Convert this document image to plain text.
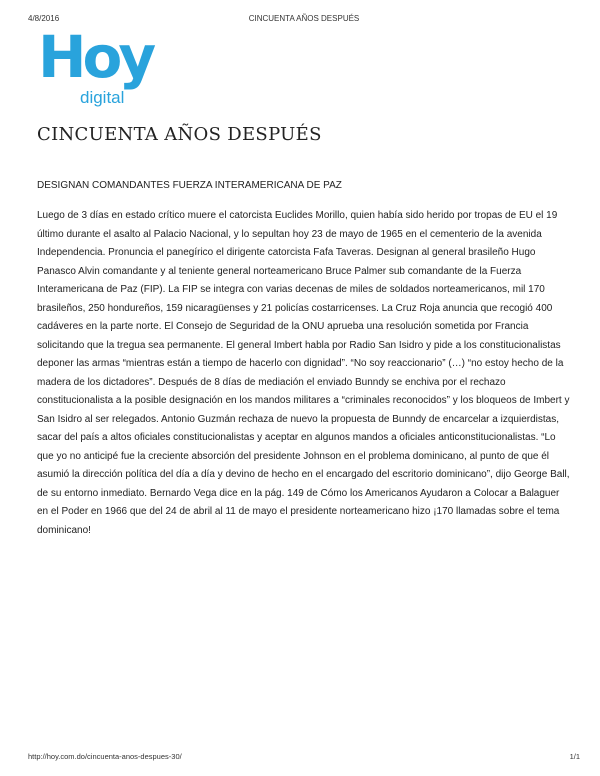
4/8/2016	CINCUENTA AÑOS DESPUÉS
Hoy
digital
CINCUENTA AÑOS DESPUÉS
DESIGNAN COMANDANTES FUERZA INTERAMERICANA DE PAZ

Luego de 3 días en estado crítico muere el catorcista Euclides Morillo, quien había sido herido por tropas de EU el 19 último durante el asalto al Palacio Nacional, y lo sepultan hoy 23 de mayo de 1965 en el cementerio de la avenida Independencia. Pronuncia el panegírico el dirigente catorcista Fafa Taveras. Designan al general brasileño Hugo Panasco Alvin comandante y al teniente general norteamericano Bruce Palmer sub comandante de la Fuerza Interamericana de Paz (FIP). La FIP se integra con varias decenas de miles de soldados norteamericanos, mil 170 brasileños, 250 hondureños, 159 nicaragüenses y 21 policías costarricenses. La Cruz Roja anuncia que recogió 400 cadáveres en la parte norte. El Consejo de Seguridad de la ONU aprueba una resolución sometida por Francia solicitando que la tregua sea permanente. El general Imbert habla por Radio San Isidro y pide a los constitucionalistas deponer las armas “mientras están a tiempo de hacerlo con dignidad”. “No soy reaccionario” (…) “no estoy hecho de la madera de los dictadores”. Después de 8 días de mediación el enviado Bunndy se enchiva por el rechazo constitucionalista a la posible designación en los mandos militares a “criminales reconocidos” y los bloqueos de Imbert y San Isidro al ser relegados. Antonio Guzmán rechaza de nuevo la propuesta de Bunndy de encarcelar a izquierdistas, sacar del país a altos oficiales constitucionalistas y aceptar en algunos mandos a oficiales anticonstitucionalistas. “Lo que yo no anticipé fue la creciente absorción del presidente Johnson en el problema dominicano, al punto de que él asumió la dirección política del día a día y devino de hecho en el encargado del escritorio dominicano”, dijo George Ball, de su entorno inmediato. Bernardo Vega dice en la pág. 149 de Cómo los Americanos Ayudaron a Colocar a Balaguer en el Poder en 1966 que del 24 de abril al 11 de mayo el presidente norteamericano hizo ¡170 llamadas sobre el tema dominicano!

http://hoy.com.do/cincuenta-anos-despues-30/	1/1
